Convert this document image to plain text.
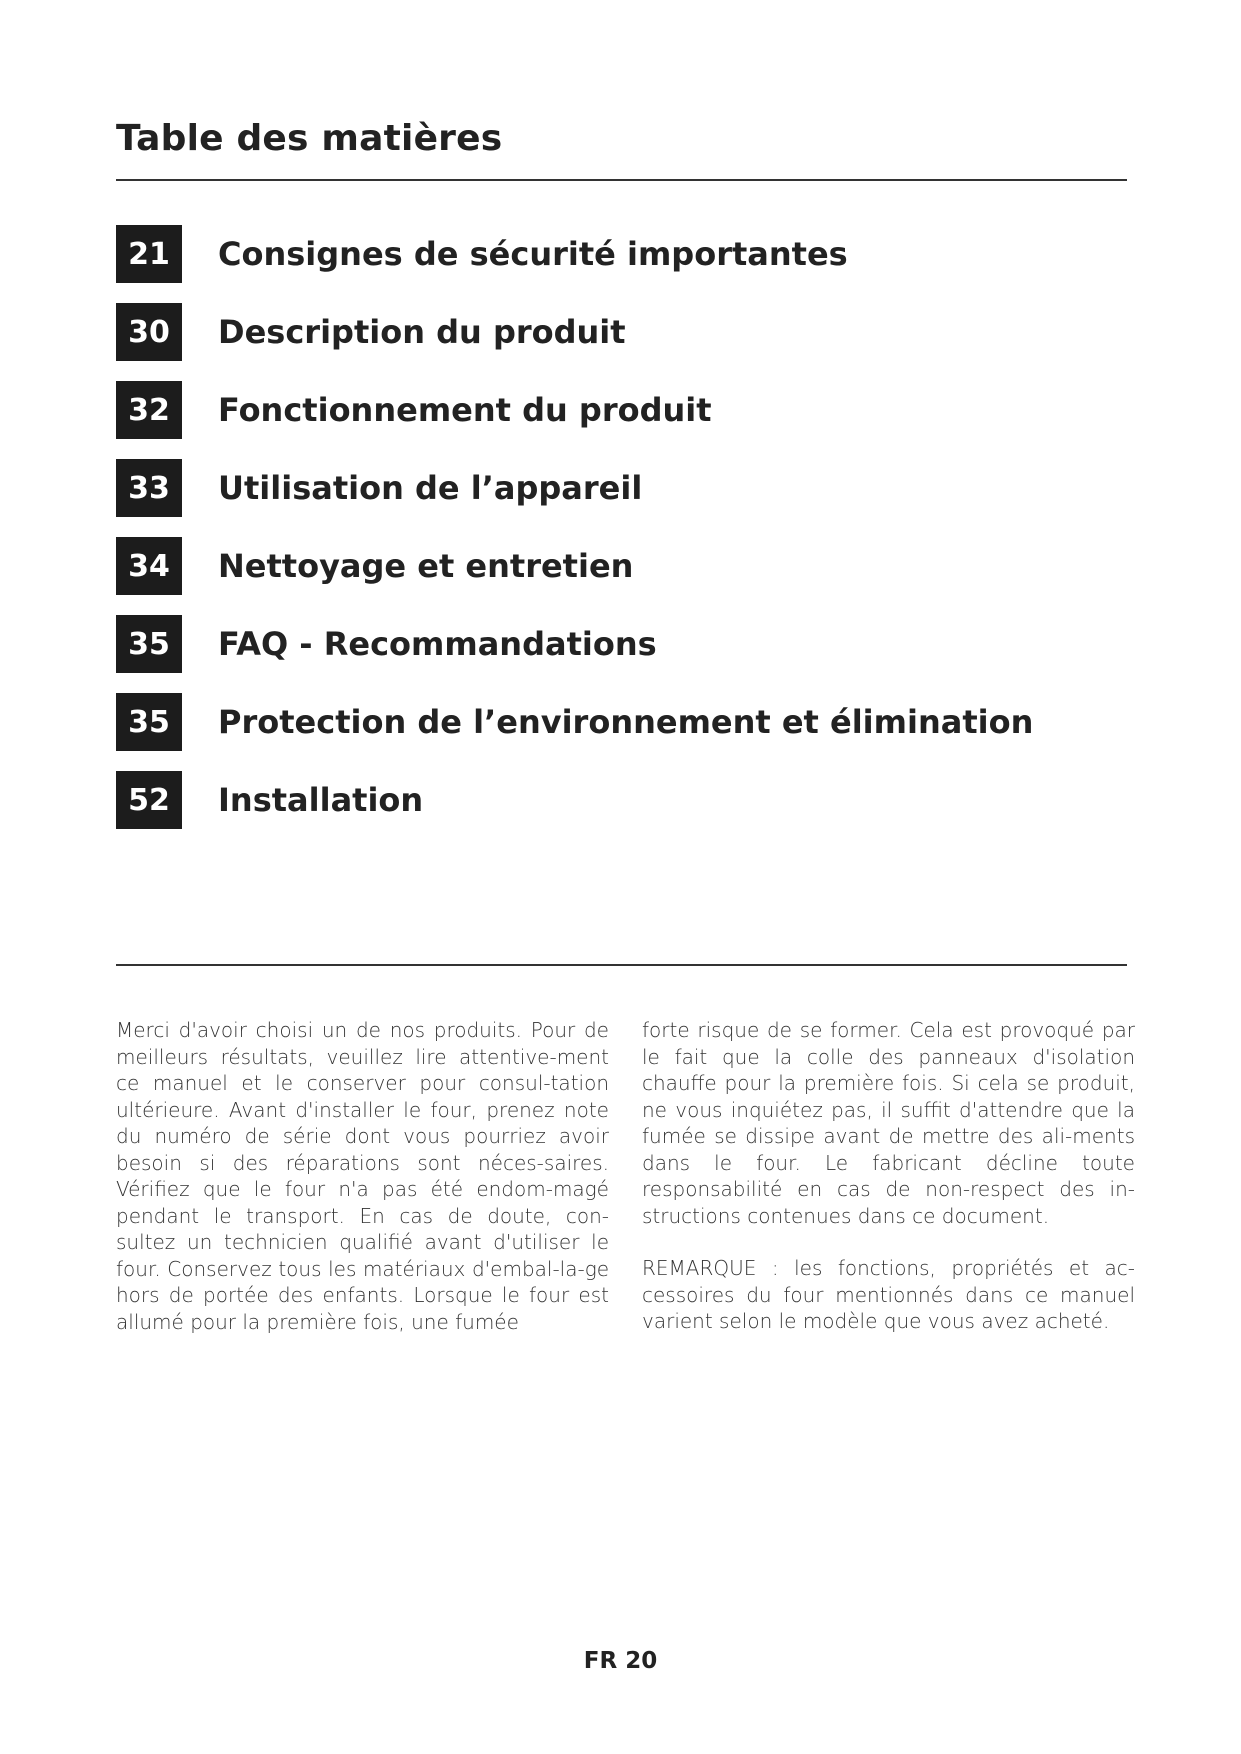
Table des matières
21	Consignes de sécurité importantes
30	Description du produit
32	Fonctionnement du produit
33	Utilisation de l’appareil
34	Nettoyage et entretien
35	FAQ - Recommandations
35	Protection de l’environnement et élimination
52	Installation

Merci d'avoir choisi un de nos produits. Pour de meilleurs résultats, veuillez lire attentive-ment ce manuel et le conserver pour consul-tation ultérieure. Avant d'installer le four, prenez note du numéro de série dont vous pourriez avoir besoin si des réparations sont néces-saires. Vérifiez que le four n'a pas été endom-magé pendant le transport. En cas de doute, con-sultez un technicien qualifié avant d'utiliser le four. Conservez tous les matériaux d'embal-la-ge hors de portée des enfants. Lorsque le four est allumé pour la première fois, une fumée

forte risque de se former. Cela est provoqué par le fait que la colle des panneaux d'isolation chauffe pour la première fois. Si cela se produit, ne vous inquiétez pas, il suffit d'attendre que la fumée se dissipe avant de mettre des ali-ments dans le four. Le fabricant décline toute responsabilité en cas de non-respect des in-structions contenues dans ce document.

REMARQUE : les fonctions, propriétés et ac-cessoires du four mentionnés dans ce manuel varient selon le modèle que vous avez acheté.

FR 20
